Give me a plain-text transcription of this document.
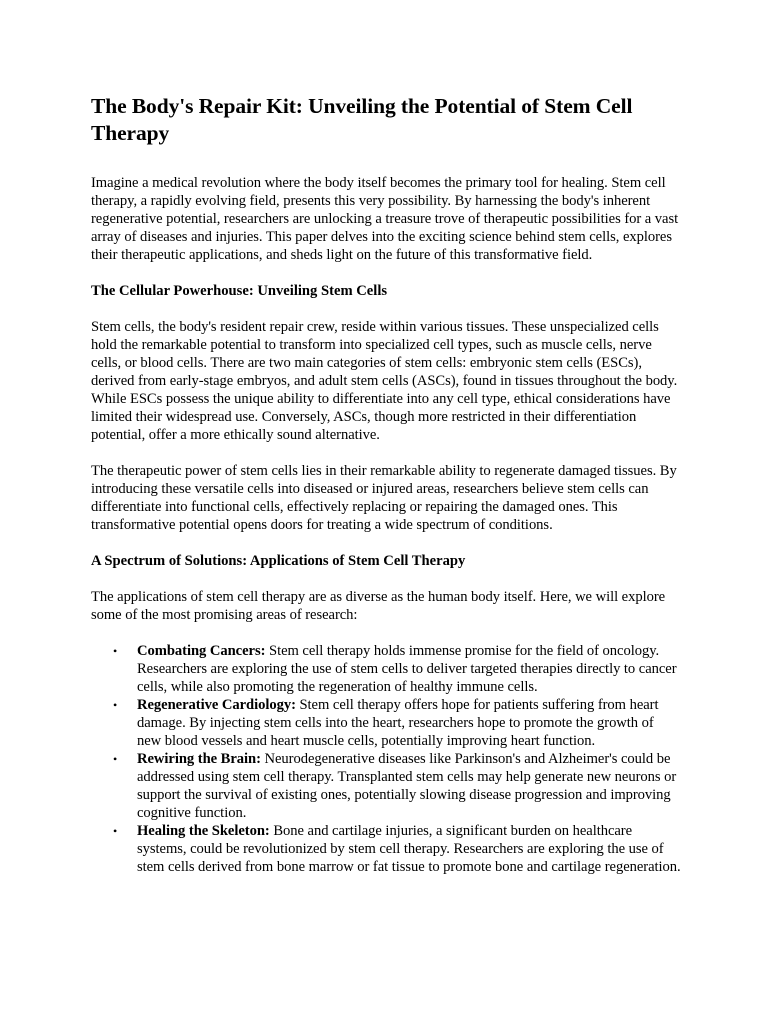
The Body's Repair Kit: Unveiling the Potential of Stem Cell Therapy

Imagine a medical revolution where the body itself becomes the primary tool for healing. Stem cell therapy, a rapidly evolving field, presents this very possibility. By harnessing the body's inherent regenerative potential, researchers are unlocking a treasure trove of therapeutic possibilities for a vast array of diseases and injuries. This paper delves into the exciting science behind stem cells, explores their therapeutic applications, and sheds light on the future of this transformative field.

The Cellular Powerhouse: Unveiling Stem Cells

Stem cells, the body's resident repair crew, reside within various tissues. These unspecialized cells hold the remarkable potential to transform into specialized cell types, such as muscle cells, nerve cells, or blood cells. There are two main categories of stem cells: embryonic stem cells (ESCs), derived from early-stage embryos, and adult stem cells (ASCs), found in tissues throughout the body. While ESCs possess the unique ability to differentiate into any cell type, ethical considerations have limited their widespread use. Conversely, ASCs, though more restricted in their differentiation potential, offer a more ethically sound alternative.

The therapeutic power of stem cells lies in their remarkable ability to regenerate damaged tissues. By introducing these versatile cells into diseased or injured areas, researchers believe stem cells can differentiate into functional cells, effectively replacing or repairing the damaged ones. This transformative potential opens doors for treating a wide spectrum of conditions.

A Spectrum of Solutions: Applications of Stem Cell Therapy

The applications of stem cell therapy are as diverse as the human body itself. Here, we will explore some of the most promising areas of research:

• Combating Cancers: Stem cell therapy holds immense promise for the field of oncology. Researchers are exploring the use of stem cells to deliver targeted therapies directly to cancer cells, while also promoting the regeneration of healthy immune cells.
• Regenerative Cardiology: Stem cell therapy offers hope for patients suffering from heart damage. By injecting stem cells into the heart, researchers hope to promote the growth of new blood vessels and heart muscle cells, potentially improving heart function.
• Rewiring the Brain: Neurodegenerative diseases like Parkinson's and Alzheimer's could be addressed using stem cell therapy. Transplanted stem cells may help generate new neurons or support the survival of existing ones, potentially slowing disease progression and improving cognitive function.
• Healing the Skeleton: Bone and cartilage injuries, a significant burden on healthcare systems, could be revolutionized by stem cell therapy. Researchers are exploring the use of stem cells derived from bone marrow or fat tissue to promote bone and cartilage regeneration.
